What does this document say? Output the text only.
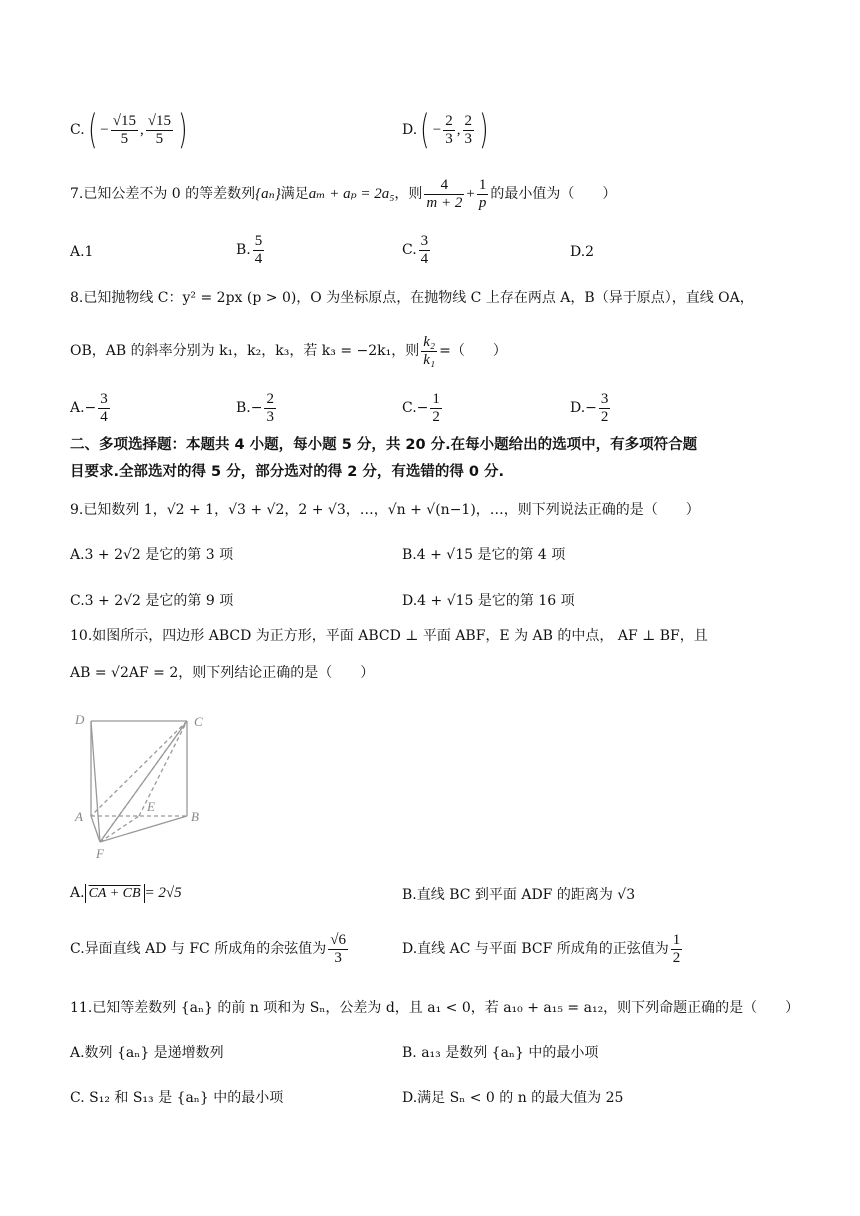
$C.( - \frac{√15}{5}$ , $\frac{√15}{5}$ )	$D.( - \frac{2}{3}$ , $\frac{2}{3}$ )
7.已知公差不为 0 的等差数列{aₙ}满足aₘ + aₚ = 2a₅，则 $\frac{4}{m + 2} + \frac{1}{p}$ 的最小值为（　　）
A.1	B. $\frac{5}{4}$	C. $\frac{3}{4}$	D.2
8.已知抛物线 C：y² = 2px (p > 0)，O 为坐标原点，在抛物线 C 上存在两点 A，B（异于原点），直线 OA，
OB，AB 的斜率分别为 k₁，k₂，k₃，若 k₃ = −2k₁，则 $\frac{\text{k₂}}{\text{k₁}}$ =（　　）
$A.- \frac{3}{4}$	$B.- \frac{2}{3}$	$C.- \frac{1}{2}$	$D.- \frac{3}{2}$
二、多项选择题：本题共 4 小题，每小题 5 分，共 20 分.在每小题给出的选项中，有多项符合题
目要求.全部选对的得 5 分，部分选对的得 2 分，有选错的得 0 分.
9.已知数列 1，√2 + 1，√3 + √2，2 + √3，…，√n + √(n−1)，…，则下列说法正确的是（　　）
A.3 + 2√2 是它的第 3 项	B.4 + √15 是它的第 4 项
C.3 + 2√2 是它的第 9 项	D.4 + √15 是它的第 16 项
10.如图所示，四边形 ABCD 为正方形，平面 ABCD ⊥ 平面 ABF，E 为 AB 的中点， AF ⊥ BF，且
AB = √2AF = 2，则下列结论正确的是（　　）
D	C
A
E
B
F
A. CA + CB = 2√5	B.直线 BC 到平面 ADF 的距离为 √3
C.异面直线 AD 与 FC 所成角的余弦值为 $\frac{√6}{3}$	D.直线 AC 与平面 BCF 所成角的正弦值为 $\frac{1}{2}$
11.已知等差数列 {aₙ} 的前 n 项和为 Sₙ，公差为 d，且 a₁ < 0，若 a₁₀ + a₁₅ = a₁₂，则下列命题正确的是（　　）
A.数列 {aₙ} 是递增数列	B. a₁₃ 是数列 {aₙ} 中的最小项
C. S₁₂ 和 S₁₃ 是 {aₙ} 中的最小项	D.满足 Sₙ < 0 的 n 的最大值为 25
